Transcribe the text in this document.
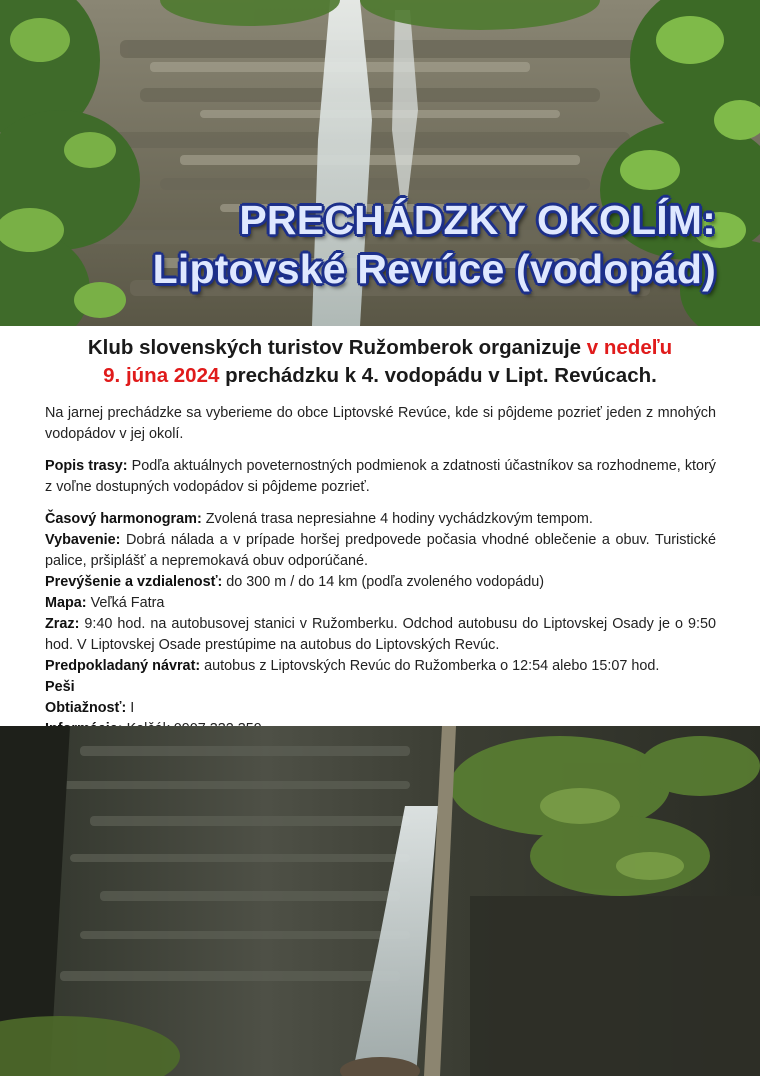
PRECHÁDZKY OKOLÍM:
Liptovské Revúce (vodopád)
Klub slovenských turistov Ružomberok organizuje v nedeľu
9. júna 2024 prechádzku k 4. vodopádu v Lipt. Revúcach.

Na jarnej prechádzke sa vyberieme do obce Liptovské Revúce, kde si pôjdeme pozrieť jeden z mnohých vodopádov v jej okolí.

Popis trasy: Podľa aktuálnych poveternostných podmienok a zdatnosti účastníkov sa rozhodneme, ktorý z voľne dostupných vodopádov si pôjdeme pozrieť.

Časový harmonogram: Zvolená trasa nepresiahne 4 hodiny vychádzkovým tempom.

Vybavenie: Dobrá nálada a v prípade horšej predpovede počasia vhodné oblečenie a obuv. Turistické palice, pršiplášť a nepremokavá obuv odporúčané.

Prevýšenie a vzdialenosť: do 300 m / do 14 km (podľa zvoleného vodopádu)

Mapa: Veľká Fatra

Zraz: 9:40 hod. na autobusovej stanici v Ružomberku. Odchod autobusu do Liptovskej Osady je o 9:50 hod. V Liptovskej Osade prestúpime na autobus do Liptovských Revúc.

Predpokladaný návrat: autobus z Liptovských Revúc do Ružomberka o 12:54 alebo 15:07 hod.

Peši

Obtiažnosť: I
